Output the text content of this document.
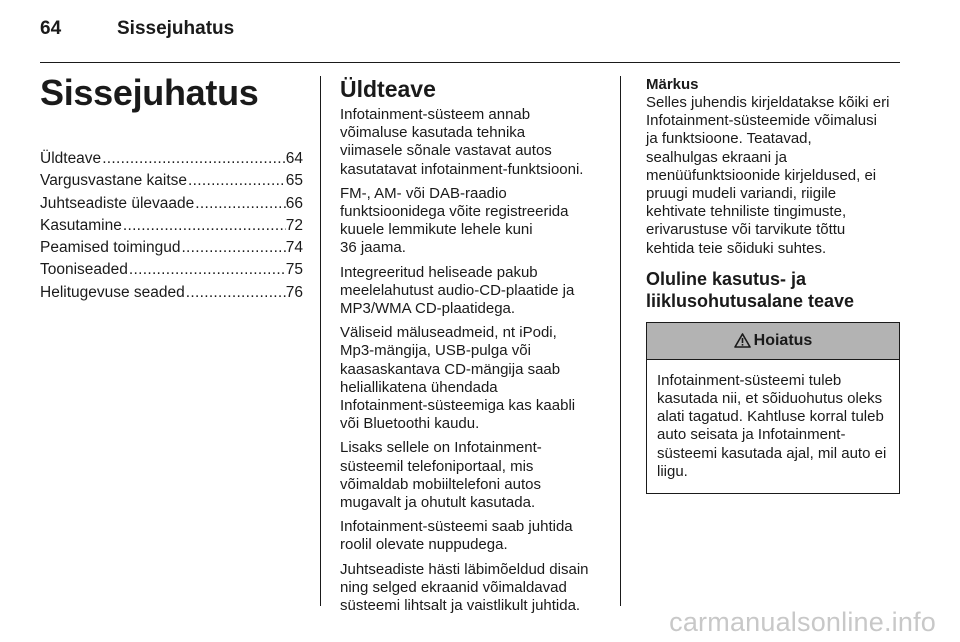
64	Sissejuhatus
Sissejuhatus
Üldteave .....	64
Vargusvastane kaitse .....	65
Juhtseadiste ülevaade .....	66
Kasutamine .....	72
Peamised toimingud .....	74
Tooniseaded .....	75
Helitugevuse seaded .....	76
Üldteave

Infotainment-süsteem annab
võimaluse kasutada tehnika
viimasele sõnale vastavat autos
kasutatavat infotainment-funktsiooni.

FM-, AM- või DAB-raadio
funktsioonidega võite registreerida
kuuele lemmikute lehele kuni
36 jaama.

Integreeritud heliseade pakub
meelelahutust audio-CD-plaatide ja
MP3/WMA CD-plaatidega.

Väliseid mäluseadmeid, nt iPodi,
Mp3-mängija, USB-pulga või
kaasaskantava CD-mängija saab
heliallikatena ühendada
Infotainment-süsteemiga kas kaabli
või Bluetoothi kaudu.

Lisaks sellele on Infotainment-
süsteemil telefoniportaal, mis
võimaldab mobiiltelefoni autos
mugavalt ja ohutult kasutada.

Infotainment-süsteemi saab juhtida
roolil olevate nuppudega.

Juhtseadiste hästi läbimõeldud disain
ning selged ekraanid võimaldavad
süsteemi lihtsalt ja vaistlikult juhtida.

Märkus
Selles juhendis kirjeldatakse kõiki eri
Infotainment-süsteemide võimalusi
ja funktsioone. Teatavad,
sealhulgas ekraani ja
menüüfunktsioonide kirjeldused, ei
pruugi mudeli variandi, riigile
kehtivate tehniliste tingimuste,
erivarustuse või tarvikute tõttu
kehtida teie sõiduki suhtes.
Oluline kasutus- ja
liiklusohutusalane teave
Hoiatus
Infotainment-süsteemi tuleb
kasutada nii, et sõiduohutus oleks
alati tagatud. Kahtluse korral tuleb
auto seisata ja Infotainment-
süsteemi kasutada ajal, mil auto ei
liigu.
carmanualsonline.info
